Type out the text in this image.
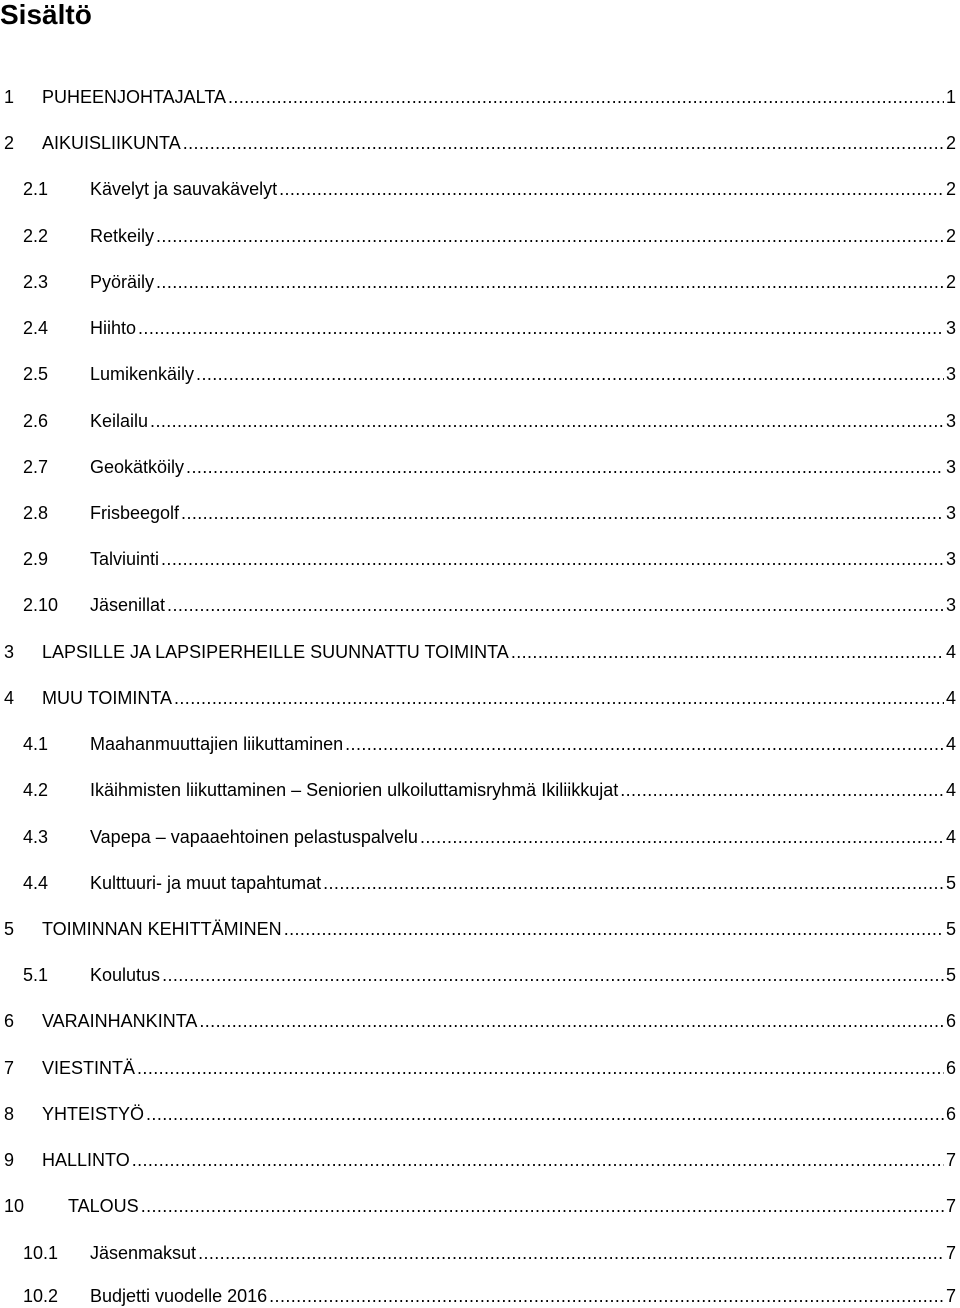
Sisältö
1	PUHEENJOHTAJALTA . . .	1
2	AIKUISLIIKUNTA . . .	2
2.1	Kävelyt ja sauvakävelyt . . .	2
2.2	Retkeily . . .	2
2.3	Pyöräily . . .	2
2.4	Hiihto . . .	3
2.5	Lumikenkäily . . .	3
2.6	Keilailu . . .	3
2.7	Geokätköily . . .	3
2.8	Frisbeegolf . . .	3
2.9	Talviuinti . . .	3
2.10	Jäsenillat . . .	3
3	LAPSILLE JA LAPSIPERHEILLE SUUNNATTU TOIMINTA . . .	4
4	MUU TOIMINTA . . .	4
4.1	Maahanmuuttajien liikuttaminen . . .	4
4.2	Ikäihmisten liikuttaminen – Seniorien ulkoiluttamisryhmä Ikiliikkujat . . .	4
4.3	Vapepa – vapaaehtoinen pelastuspalvelu . . .	4
4.4	Kulttuuri- ja muut tapahtumat . . .	5
5	TOIMINNAN KEHITTÄMINEN . . .	5
5.1	Koulutus . . .	5
6	VARAINHANKINTA . . .	6
7	VIESTINTÄ . . .	6
8	YHTEISTYÖ . . .	6
9	HALLINTO . . .	7
10	TALOUS . . .	7
10.1	Jäsenmaksut . . .	7
10.2	Budjetti vuodelle 2016 . . .	7
